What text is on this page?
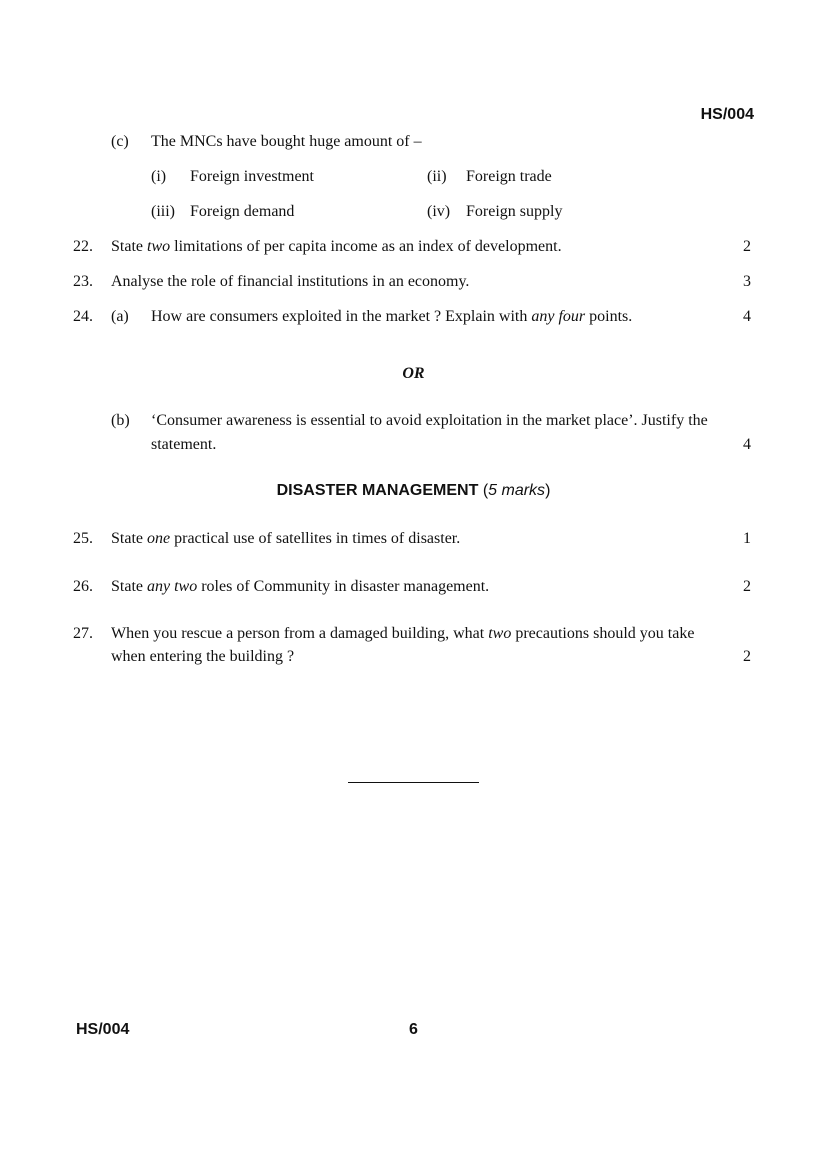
HS/004
(c) The MNCs have bought huge amount of –
(i) Foreign investment	(ii) Foreign trade
(iii) Foreign demand	(iv) Foreign supply
22. State two limitations of per capita income as an index of development.	2
23. Analyse the role of financial institutions in an economy.	3
24. (a) How are consumers exploited in the market ? Explain with any four points.	4
OR
(b) ‘Consumer awareness is essential to avoid exploitation in the market place’. Justify the
statement.	4
DISASTER MANAGEMENT (5 marks)
25. State one practical use of satellites in times of disaster.	1
26. State any two roles of Community in disaster management.	2
27. When you rescue a person from a damaged building, what two precautions should you take
when entering the building ?	2
HS/004	6
